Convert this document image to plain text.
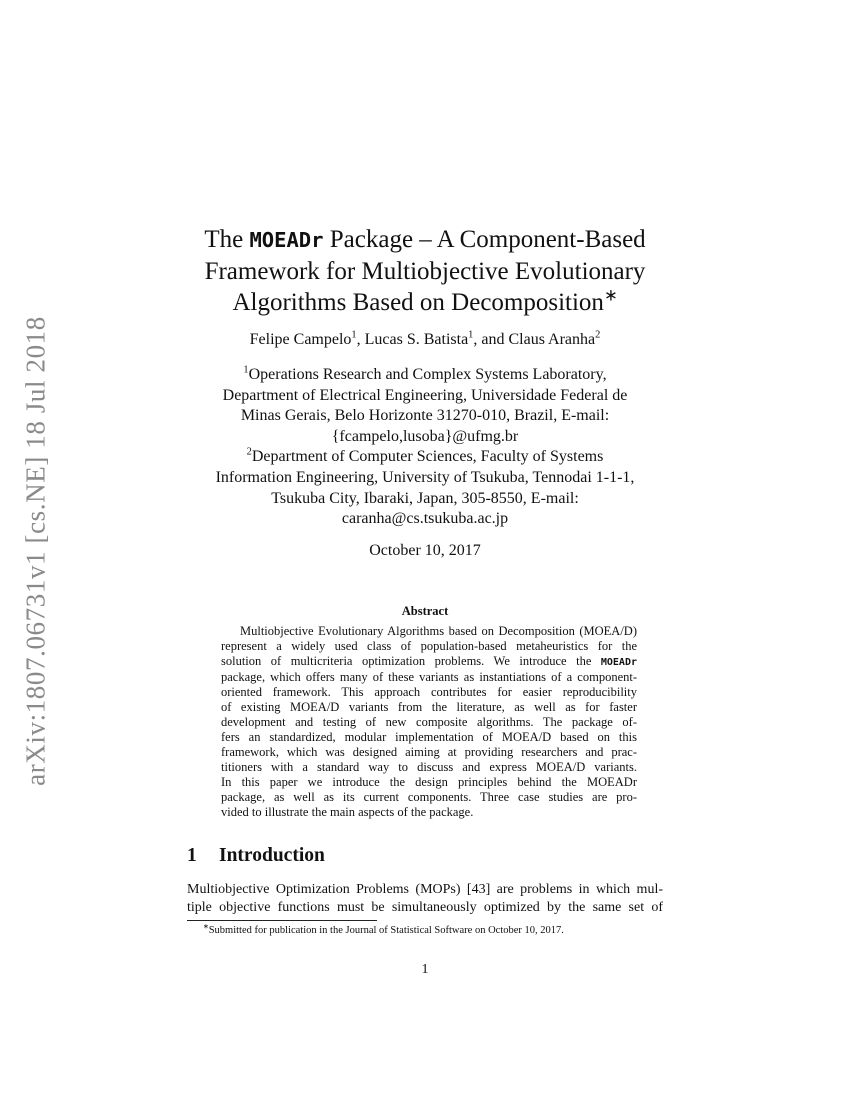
arXiv:1807.06731v1 [cs.NE] 18 Jul 2018
The MOEADr Package – A Component-Based
Framework for Multiobjective Evolutionary
Algorithms Based on Decomposition∗
Felipe Campelo$^1$, Lucas S. Batista$^1$, and Claus Aranha$^2$
$^1$Operations Research and Complex Systems Laboratory,
Department of Electrical Engineering, Universidade Federal de
Minas Gerais, Belo Horizonte 31270-010, Brazil, E-mail:
{fcampelo,lusoba}@ufmg.br
$^2$Department of Computer Sciences, Faculty of Systems
Information Engineering, University of Tsukuba, Tennodai 1-1-1,
Tsukuba City, Ibaraki, Japan, 305-8550, E-mail:
caranha@cs.tsukuba.ac.jp
October 10, 2017
Abstract
Multiobjective Evolutionary Algorithms based on Decomposition (MOEA/D)
represent a widely used class of population-based metaheuristics for the
solution of multicriteria optimization problems. We introduce the MOEADr
package, which offers many of these variants as instantiations of a component-
oriented framework. This approach contributes for easier reproducibility
of existing MOEA/D variants from the literature, as well as for faster
development and testing of new composite algorithms. The package of-
fers an standardized, modular implementation of MOEA/D based on this
framework, which was designed aiming at providing researchers and prac-
titioners with a standard way to discuss and express MOEA/D variants.
In this paper we introduce the design principles behind the MOEADr
package, as well as its current components. Three case studies are pro-
vided to illustrate the main aspects of the package.
1 Introduction
Multiobjective Optimization Problems (MOPs) [43] are problems in which mul-
tiple objective functions must be simultaneously optimized by the same set of
∗Submitted for publication in the Journal of Statistical Software on October 10, 2017.
1
